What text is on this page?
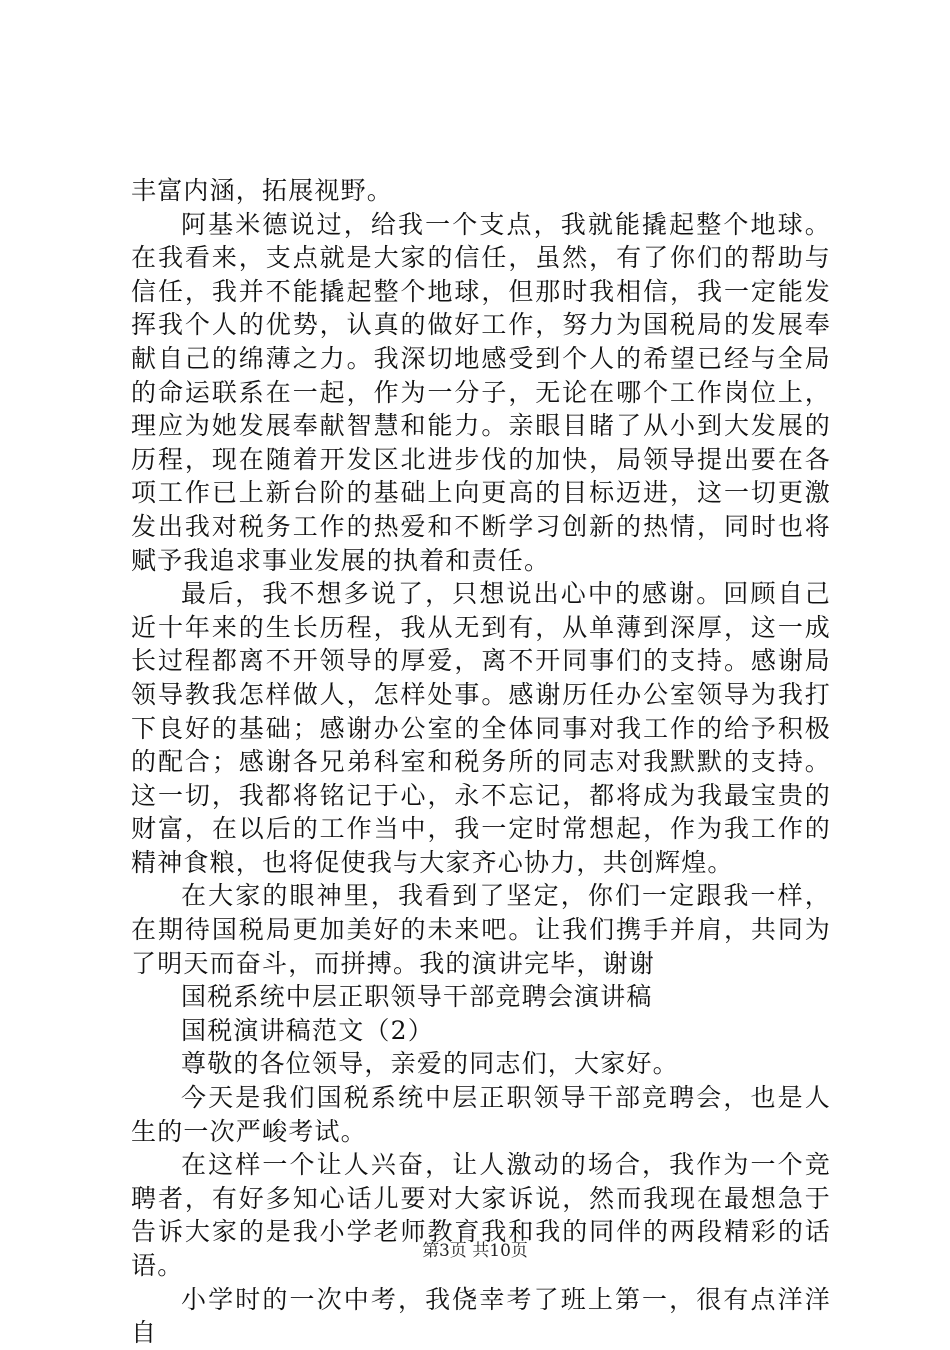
丰富内涵，拓展视野。

阿基米德说过，给我一个支点，我就能撬起整个地球。在我看来，支点就是大家的信任，虽然，有了你们的帮助与信任，我并不能撬起整个地球，但那时我相信，我一定能发挥我个人的优势，认真的做好工作，努力为国税局的发展奉献自己的绵薄之力。我深切地感受到个人的希望已经与全局的命运联系在一起，作为一分子，无论在哪个工作岗位上，理应为她发展奉献智慧和能力。亲眼目睹了从小到大发展的历程，现在随着开发区北进步伐的加快，局领导提出要在各项工作已上新台阶的基础上向更高的目标迈进，这一切更激发出我对税务工作的热爱和不断学习创新的热情，同时也将赋予我追求事业发展的执着和责任。

最后，我不想多说了，只想说出心中的感谢。回顾自己近十年来的生长历程，我从无到有，从单薄到深厚，这一成长过程都离不开领导的厚爱，离不开同事们的支持。感谢局领导教我怎样做人，怎样处事。感谢历任办公室领导为我打下良好的基础；感谢办公室的全体同事对我工作的给予积极的配合；感谢各兄弟科室和税务所的同志对我默默的支持。这一切，我都将铭记于心，永不忘记，都将成为我最宝贵的财富，在以后的工作当中，我一定时常想起，作为我工作的精神食粮，也将促使我与大家齐心协力，共创辉煌。

在大家的眼神里，我看到了坚定，你们一定跟我一样，在期待国税局更加美好的未来吧。让我们携手并肩，共同为了明天而奋斗，而拼搏。我的演讲完毕，谢谢

国税系统中层正职领导干部竞聘会演讲稿

国税演讲稿范文（2）

尊敬的各位领导，亲爱的同志们，大家好。

今天是我们国税系统中层正职领导干部竞聘会，也是人生的一次严峻考试。

在这样一个让人兴奋，让人激动的场合，我作为一个竞聘者，有好多知心话儿要对大家诉说，然而我现在最想急于告诉大家的是我小学老师教育我和我的同伴的两段精彩的话语。

小学时的一次中考，我侥幸考了班上第一，很有点洋洋自

第3页 共10页
